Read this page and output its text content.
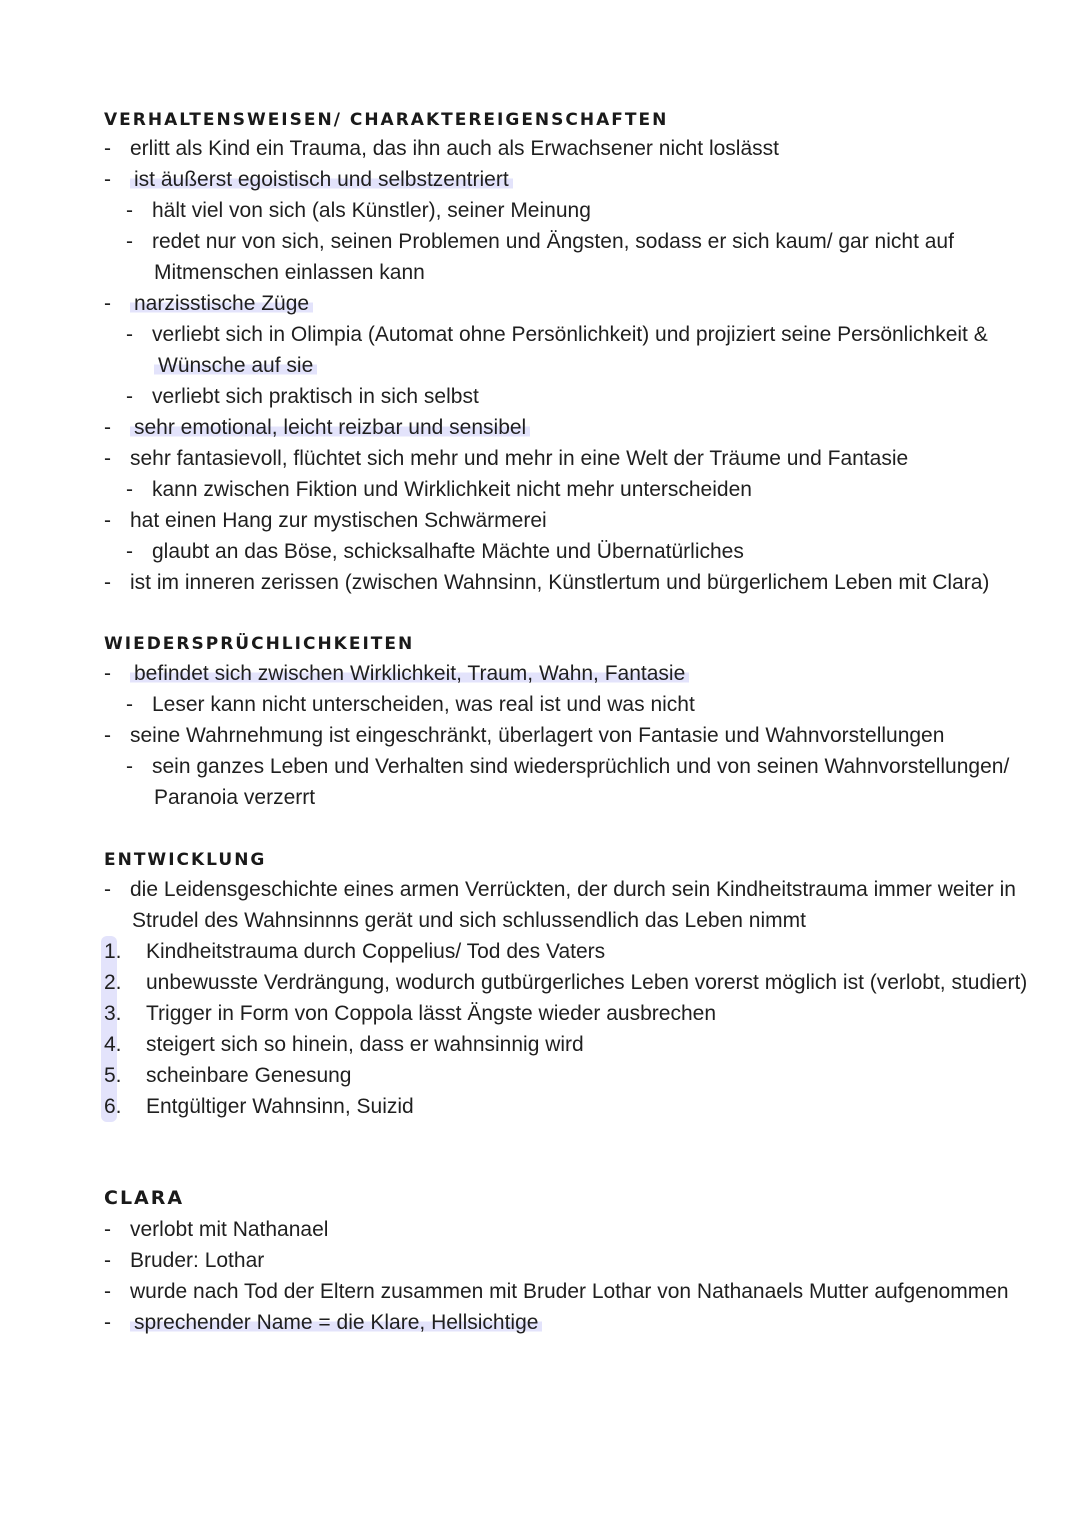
VERHALTENSWEISEN/ CHARAKTEREIGENSCHAFTEN
- erlitt als Kind ein Trauma, das ihn auch als Erwachsener nicht loslässt
- ist äußerst egoistisch und selbstzentriert
- hält viel von sich (als Künstler), seiner Meinung
- redet nur von sich, seinen Problemen und Ängsten, sodass er sich kaum/ gar nicht auf
Mitmenschen einlassen kann
- narzisstische Züge
- verliebt sich in Olimpia (Automat ohne Persönlichkeit) und projiziert seine Persönlichkeit &
Wünsche auf sie
- verliebt sich praktisch in sich selbst
- sehr emotional, leicht reizbar und sensibel
- sehr fantasievoll, flüchtet sich mehr und mehr in eine Welt der Träume und Fantasie
- kann zwischen Fiktion und Wirklichkeit nicht mehr unterscheiden
- hat einen Hang zur mystischen Schwärmerei
- glaubt an das Böse, schicksalhafte Mächte und Übernatürliches
- ist im inneren zerissen (zwischen Wahnsinn, Künstlertum und bürgerlichem Leben mit Clara)
WIEDERSPRÜCHLICHKEITEN
- befindet sich zwischen Wirklichkeit, Traum, Wahn, Fantasie
- Leser kann nicht unterscheiden, was real ist und was nicht
- seine Wahrnehmung ist eingeschränkt, überlagert von Fantasie und Wahnvorstellungen
- sein ganzes Leben und Verhalten sind wiedersprüchlich und von seinen Wahnvorstellungen/
Paranoia verzerrt
ENTWICKLUNG
- die Leidensgeschichte eines armen Verrückten, der durch sein Kindheitstrauma immer weiter in
Strudel des Wahnsinnns gerät und sich schlussendlich das Leben nimmt
1. Kindheitstrauma durch Coppelius/ Tod des Vaters
2. unbewusste Verdrängung, wodurch gutbürgerliches Leben vorerst möglich ist (verlobt, studiert)
3. Trigger in Form von Coppola lässt Ängste wieder ausbrechen
4. steigert sich so hinein, dass er wahnsinnig wird
5. scheinbare Genesung
6. Entgültiger Wahnsinn, Suizid
CLARA
- verlobt mit Nathanael
- Bruder: Lothar
- wurde nach Tod der Eltern zusammen mit Bruder Lothar von Nathanaels Mutter aufgenommen
- sprechender Name = die Klare, Hellsichtige
